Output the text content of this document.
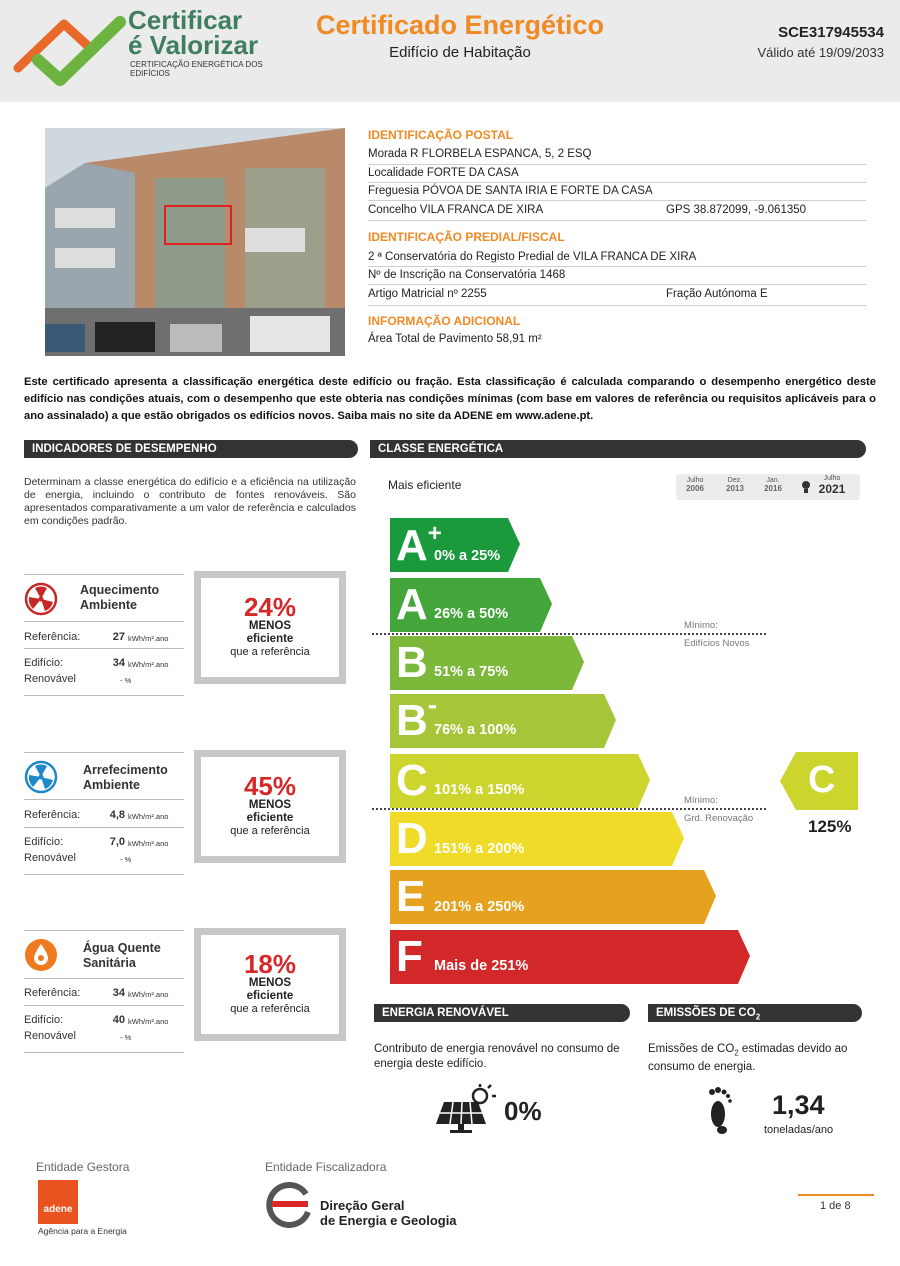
Certificar
é Valorizar
CERTIFICAÇÃO ENERGÉTICA DOS EDIFÍCIOS
Certificado Energético
Edifício de Habitação
SCE317945534
Válido até 19/09/2033
IDENTIFICAÇÃO POSTAL
Morada R FLORBELA ESPANCA, 5, 2 ESQ
Localidade FORTE DA CASA
Freguesia PÓVOA DE SANTA IRIA E FORTE DA CASA
Concelho VILA FRANCA DE XIRA	GPS 38.872099, -9.061350
IDENTIFICAÇÃO PREDIAL/FISCAL
2 ª Conservatória do Registo Predial de VILA FRANCA DE XIRA
Nº de Inscrição na Conservatória 1468
Artigo Matricial nº 2255	Fração Autónoma E
INFORMAÇÃO ADICIONAL
Área Total de Pavimento 58,91 m²
Este certificado apresenta a classificação energética deste edifício ou fração. Esta classificação é calculada comparando o desempenho energético deste edifício nas condições atuais, com o desempenho que este obteria nas condições mínimas (com base em valores de referência ou requisitos aplicáveis para o ano assinalado) a que estão obrigados os edifícios novos. Saiba mais no site da ADENE em www.adene.pt.
INDICADORES DE DESEMPENHO
Determinam a classe energética do edifício e a eficiência na utilização de energia, incluindo o contributo de fontes renováveis. São apresentados comparativamente a um valor de referência e calculados em condições padrão.
Aquecimento
Ambiente
Referência:	27 kWh/m².ano
Edifício:	34 kWh/m².ano
Renovável	- %
24%
MENOS
eficiente
que a referência
Arrefecimento
Ambiente
Referência:	4,8 kWh/m².ano
Edifício:	7,0 kWh/m².ano
Renovável	- %
45%
MENOS
eficiente
que a referência
Água Quente
Sanitária
Referência:	34 kWh/m².ano
Edifício:	40 kWh/m².ano
Renovável	- %
18%
MENOS
eficiente
que a referência
CLASSE ENERGÉTICA
Mais eficiente	Julho
2006
Dez.
2013
Jan.
2016
Julho
2021
A+
0% a 25%
A 26% a 50%
B 51% a 75%
B-
76% a 100%
C 101% a 150%
D 151% a 200%
E 201% a 250%
F Mais de 251%
Mínimo:
Edifícios Novos
Mínimo:
Grd. Renovação
C
125%
ENERGIA RENOVÁVEL
Contributo de energia renovável no consumo de energia deste edifício.
0%
EMISSÕES DE $CO_2$
Emissões de $CO_2$ estimadas devido ao consumo de energia.
1,34
toneladas/ano
Entidade Gestora
adene
Agência para a Energia
Entidade Fiscalizadora
Direção Geral
de Energia e Geologia
1 de 8
